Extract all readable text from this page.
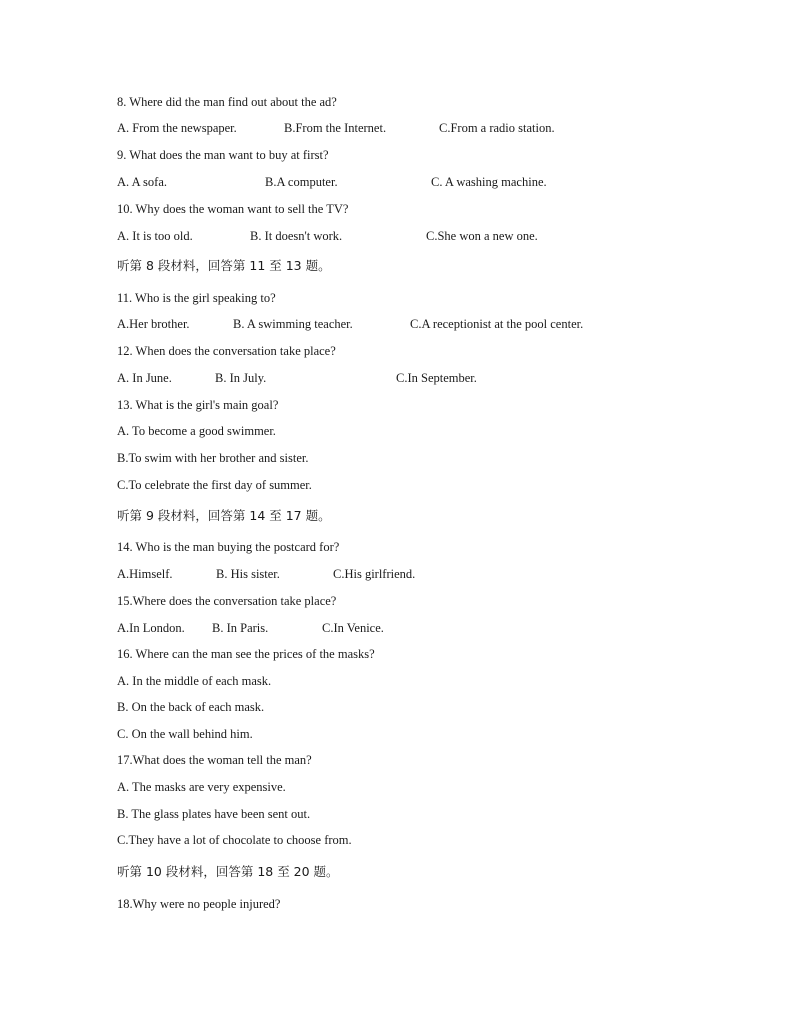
8. Where did the man find out about the ad?
A. From the newspaper.	B.From the Internet.	C.From a radio station.
9. What does the man want to buy at first?
A. A sofa.	B.A computer.	C. A washing machine.
10. Why does the woman want to sell the TV?
A. It is too old.	B. It doesn't work.	C.She won a new one.
听第 8 段材料，回答第 11 至 13 题。
11. Who is the girl speaking to?
A.Her brother.	B. A swimming teacher.	C.A receptionist at the pool center.
12. When does the conversation take place?
A. In June.	B. In July.	C.In September.
13. What is the girl's main goal?
A. To become a good swimmer.
B.To swim with her brother and sister.
C.To celebrate the first day of summer.
听第 9 段材料，回答第 14 至 17 题。
14. Who is the man buying the postcard for?
A.Himself.	B. His sister.	C.His girlfriend.
15.Where does the conversation take place?
A.In London. B. In Paris.	C.In Venice.
16. Where can the man see the prices of the masks?
A. In the middle of each mask.
B. On the back of each mask.
C. On the wall behind him.
17.What does the woman tell the man?
A. The masks are very expensive.
B. The glass plates have been sent out.
C.They have a lot of chocolate to choose from.
听第 10 段材料，回答第 18 至 20 题。
18.Why were no people injured?
